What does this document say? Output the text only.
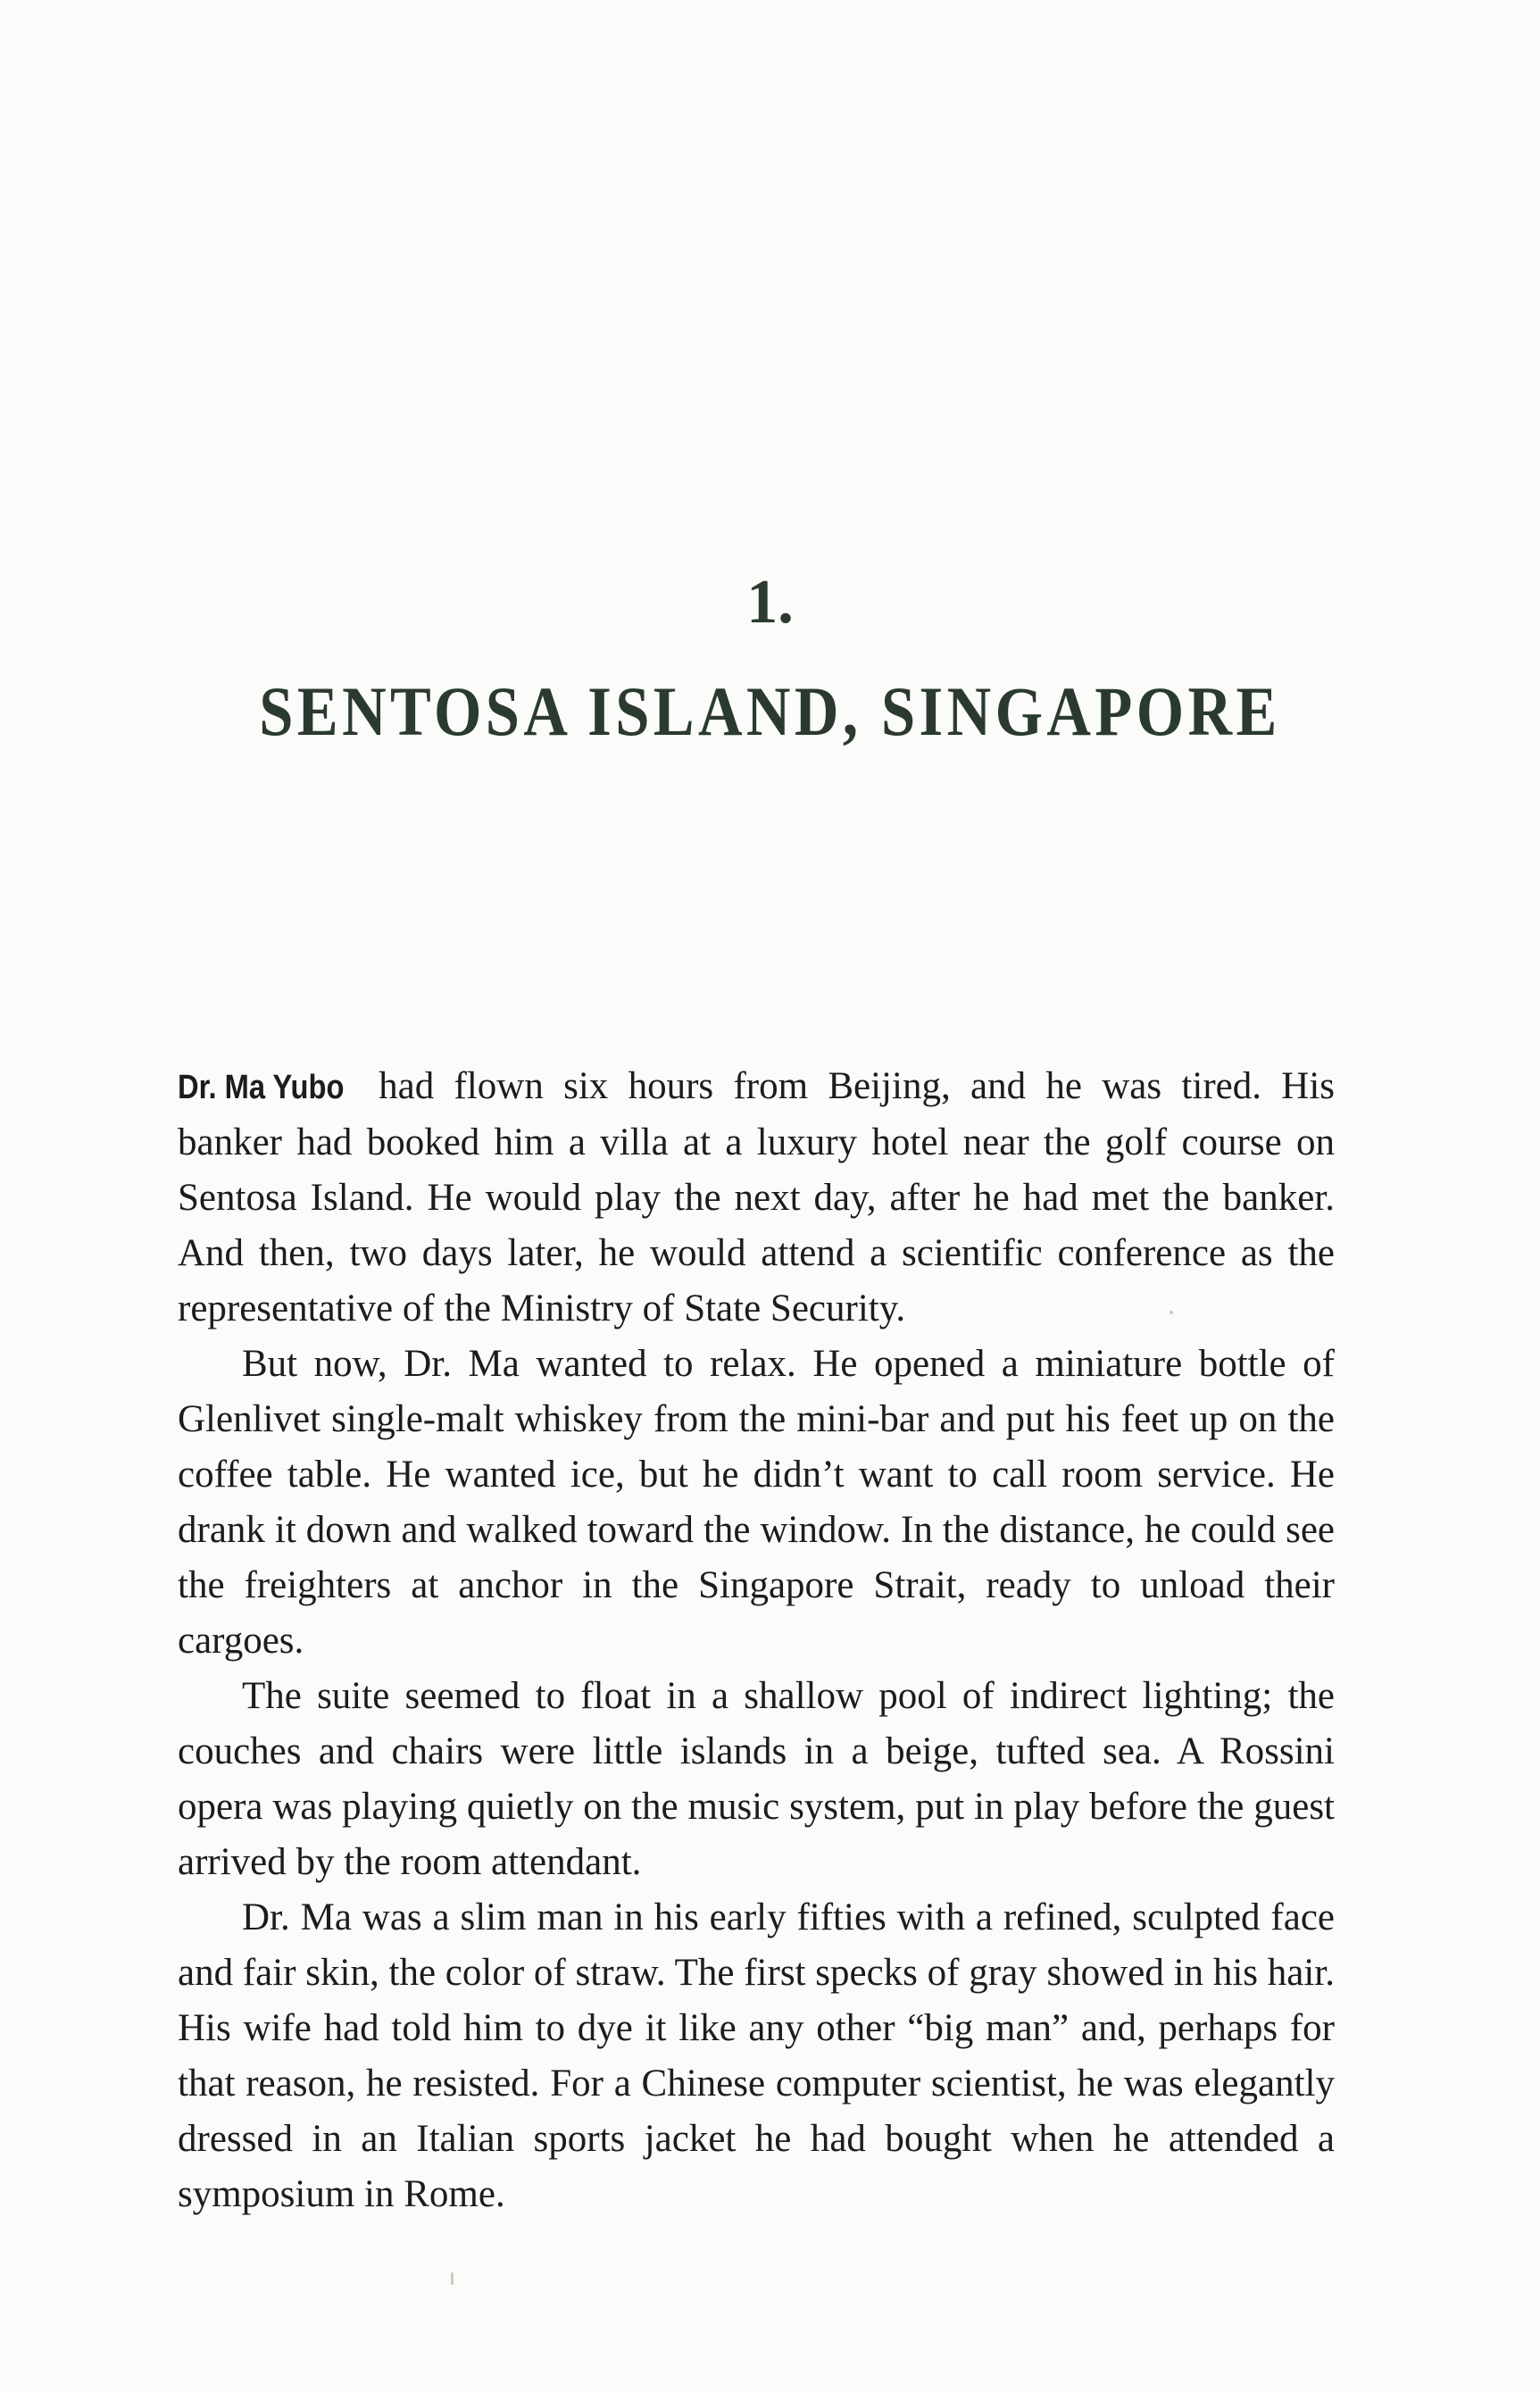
1.
SENTOSA ISLAND, SINGAPORE

Dr. Ma Yubo had flown six hours from Beijing, and he was tired. His banker had booked him a villa at a luxury hotel near the golf course on Sentosa Island. He would play the next day, after he had met the banker. And then, two days later, he would attend a scientific conference as the representative of the Ministry of State Security.

But now, Dr. Ma wanted to relax. He opened a miniature bottle of Glenlivet single-malt whiskey from the mini-bar and put his feet up on the coffee table. He wanted ice, but he didn’t want to call room service. He drank it down and walked toward the window. In the distance, he could see the freighters at anchor in the Singapore Strait, ready to unload their cargoes.

The suite seemed to float in a shallow pool of indirect lighting; the couches and chairs were little islands in a beige, tufted sea. A Rossini opera was playing quietly on the music system, put in play before the guest arrived by the room attendant.

Dr. Ma was a slim man in his early fifties with a refined, sculpted face and fair skin, the color of straw. The first specks of gray showed in his hair. His wife had told him to dye it like any other “big man” and, perhaps for that reason, he resisted. For a Chinese computer scientist, he was elegantly dressed in an Italian sports jacket he had bought when he attended a symposium in Rome.
